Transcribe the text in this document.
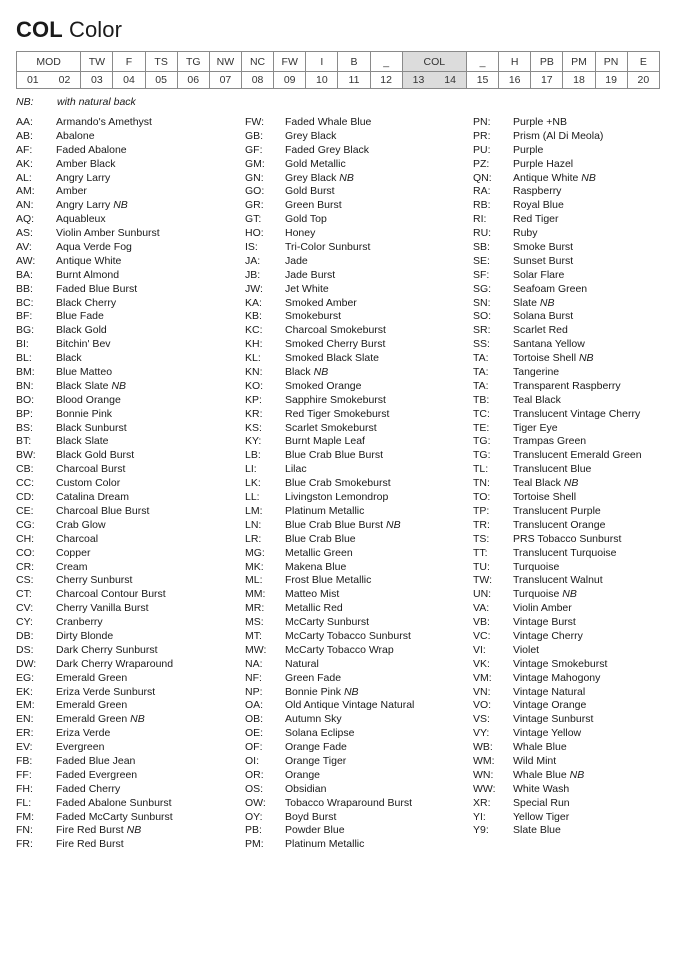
COL Color
MOD		TW	F	TS	TG	NW	NC	FW	I	B	_	COL		_	H	PB	PM	PN	E
01	02	03	04	05	06	07	08	09	10	11	12	13	14	15	16	17	18	19	20
NB: with natural back
AA: Armando's Amethyst
AB: Abalone
AF: Faded Abalone
AK: Amber Black
AL: Angry Larry
AM: Amber
AN: Angry Larry NB
AQ: Aquableux
AS: Violin Amber Sunburst
AV: Aqua Verde Fog
AW: Antique White
BA: Burnt Almond
BB: Faded Blue Burst
BC: Black Cherry
BF: Blue Fade
BG: Black Gold
BI:	Bitchin' Bev
BL: Black
BM: Blue Matteo
BN: Black Slate NB
BO: Blood Orange
BP: Bonnie Pink
BS: Black Sunburst
BT: Black Slate
BW: Black Gold Burst
CB: Charcoal Burst
CC: Custom Color
CD: Catalina Dream
CE: Charcoal Blue Burst
CG: Crab Glow
CH: Charcoal
CO: Copper
CR: Cream
CS: Cherry Sunburst
CT: Charcoal Contour Burst
CV: Cherry Vanilla Burst
CY: Cranberry
DB: Dirty Blonde
DS: Dark Cherry Sunburst
DW: Dark Cherry Wraparound
EG: Emerald Green
EK: Eriza Verde Sunburst
EM: Emerald Green
EN: Emerald Green NB
ER: Eriza Verde
EV: Evergreen
FB: Faded Blue Jean
FF: Faded Evergreen
FH: Faded Cherry
FL: Faded Abalone Sunburst
FM: Faded McCarty Sunburst
FN: Fire Red Burst NB
FR: Fire Red Burst
FW: Faded Whale Blue
GB: Grey Black
GF: Faded Grey Black
GM: Gold Metallic
GN: Grey Black NB
GO: Gold Burst
GR: Green Burst
GT: Gold Top
HO: Honey
IS:	Tri-Color Sunburst
JA: Jade
JB: Jade Burst
JW: Jet White
KA: Smoked Amber
KB: Smokeburst
KC: Charcoal Smokeburst
KH: Smoked Cherry Burst
KL: Smoked Black Slate
KN: Black NB
KO: Smoked Orange
KP: Sapphire Smokeburst
KR: Red Tiger Smokeburst
KS: Scarlet Smokeburst
KY: Burnt Maple Leaf
LB: Blue Crab Blue Burst
LI:	Lilac
LK: Blue Crab Smokeburst
LL: Livingston Lemondrop
LM: Platinum Metallic
LN: Blue Crab Blue Burst NB
LR: Blue Crab Blue
MG: Metallic Green
MK: Makena Blue
ML: Frost Blue Metallic
MM: Matteo Mist
MR: Metallic Red
MS: McCarty Sunburst
MT: McCarty Tobacco Sunburst
MW: McCarty Tobacco Wrap
NA: Natural
NF: Green Fade
NP: Bonnie Pink NB
OA: Old Antique Vintage Natural
OB: Autumn Sky
OE: Solana Eclipse
OF: Orange Fade
OI: Orange Tiger
OR: Orange
OS: Obsidian
OW: Tobacco Wraparound Burst
OY: Boyd Burst
PB: Powder Blue
PM: Platinum Metallic
PN: Purple +NB
PR: Prism (Al Di Meola)
PU: Purple
PZ: Purple Hazel
QN: Antique White NB
RA: Raspberry
RB: Royal Blue
RI:	Red Tiger
RU: Ruby
SB: Smoke Burst
SE: Sunset Burst
SF: Solar Flare
SG: Seafoam Green
SN: Slate NB
SO: Solana Burst
SR: Scarlet Red
SS: Santana Yellow
TA: Tortoise Shell NB
TA: Tangerine
TA: Transparent Raspberry
TB: Teal Black
TC: Translucent Vintage Cherry
TE: Tiger Eye
TG: Trampas Green
TG: Translucent Emerald Green
TL: Translucent Blue
TN: Teal Black NB
TO: Tortoise Shell
TP: Translucent Purple
TR: Translucent Orange
TS: PRS Tobacco Sunburst
TT: Translucent Turquoise
TU: Turquoise
TW: Translucent Walnut
UN: Turquoise NB
VA: Violin Amber
VB: Vintage Burst
VC: Vintage Cherry
VI:	Violet
VK: Vintage Smokeburst
VM: Vintage Mahogony
VN: Vintage Natural
VO: Vintage Orange
VS: Vintage Sunburst
VY: Vintage Yellow
WB: Whale Blue
WM: Wild Mint
WN: Whale Blue NB
WW: White Wash
XR: Special Run
YI:	Yellow Tiger
Y9: Slate Blue
